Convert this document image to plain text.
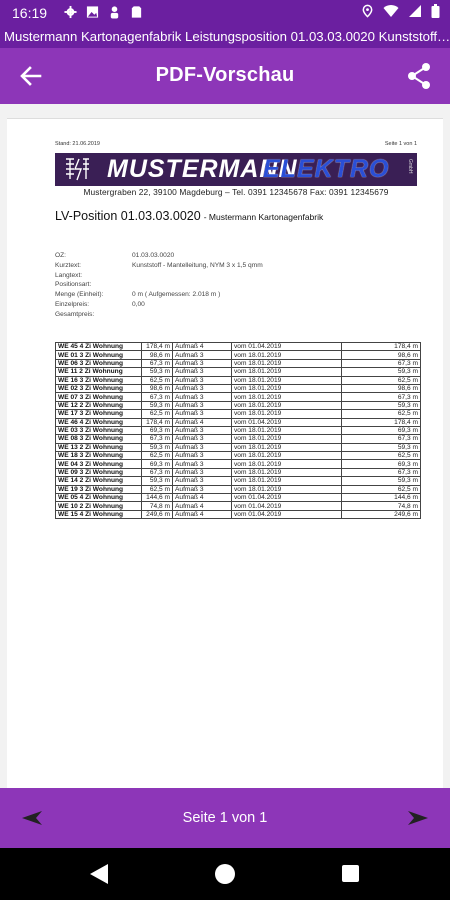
16:19
Mustermann Kartonagenfabrik Leistungsposition 01.03.03.0020 Kunststoff…
PDF-Vorschau
Stand: 21.06.2019	Seite 1 von 1
MUSTERMANN
ELEKTRO	GmbH
Mustergraben 22, 39100 Magdeburg – Tel. 0391 12345678 Fax: 0391 12345679
LV-Position 01.03.03.0020 - Mustermann Kartonagenfabrik
OZ:	01.03.03.0020
Kurztext:	Kunststoff - Mantelleitung, NYM 3 x 1,5 qmm
Langtext:
Positionsart:
Menge (Einheit):	0 m ( Aufgemessen: 2.018 m )
Einzelpreis:	0,00
Gesamtpreis:
WE 45 4 Zi Wohnung	178,4 m	Aufmaß 4	vom 01.04.2019	178,4 m
WE 01 3 Zi Wohnung	98,6 m	Aufmaß 3	vom 18.01.2019	98,6 m
WE 06 3 Zi Wohnung	67,3 m	Aufmaß 3	vom 18.01.2019	67,3 m
WE 11 2 Zi Wohnung	59,3 m	Aufmaß 3	vom 18.01.2019	59,3 m
WE 16 3 Zi Wohnung	62,5 m	Aufmaß 3	vom 18.01.2019	62,5 m
WE 02 3 Zi Wohnung	98,6 m	Aufmaß 3	vom 18.01.2019	98,6 m
WE 07 3 Zi Wohnung	67,3 m	Aufmaß 3	vom 18.01.2019	67,3 m
WE 12 2 Zi Wohnung	59,3 m	Aufmaß 3	vom 18.01.2019	59,3 m
WE 17 3 Zi Wohnung	62,5 m	Aufmaß 3	vom 18.01.2019	62,5 m
WE 46 4 Zi Wohnung	178,4 m	Aufmaß 4	vom 01.04.2019	178,4 m
WE 03 3 Zi Wohnung	69,3 m	Aufmaß 3	vom 18.01.2019	69,3 m
WE 08 3 Zi Wohnung	67,3 m	Aufmaß 3	vom 18.01.2019	67,3 m
WE 13 2 Zi Wohnung	59,3 m	Aufmaß 3	vom 18.01.2019	59,3 m
WE 18 3 Zi Wohnung	62,5 m	Aufmaß 3	vom 18.01.2019	62,5 m
WE 04 3 Zi Wohnung	69,3 m	Aufmaß 3	vom 18.01.2019	69,3 m
WE 09 3 Zi Wohnung	67,3 m	Aufmaß 3	vom 18.01.2019	67,3 m
WE 14 2 Zi Wohnung	59,3 m	Aufmaß 3	vom 18.01.2019	59,3 m
WE 19 3 Zi Wohnung	62,5 m	Aufmaß 3	vom 18.01.2019	62,5 m
WE 05 4 Zi Wohnung	144,6 m	Aufmaß 4	vom 01.04.2019	144,6 m
WE 10 2 Zi Wohnung	74,8 m	Aufmaß 4	vom 01.04.2019	74,8 m
WE 15 4 Zi Wohnung	249,6 m	Aufmaß 4	vom 01.04.2019	249,6 m
Seite 1 von 1
